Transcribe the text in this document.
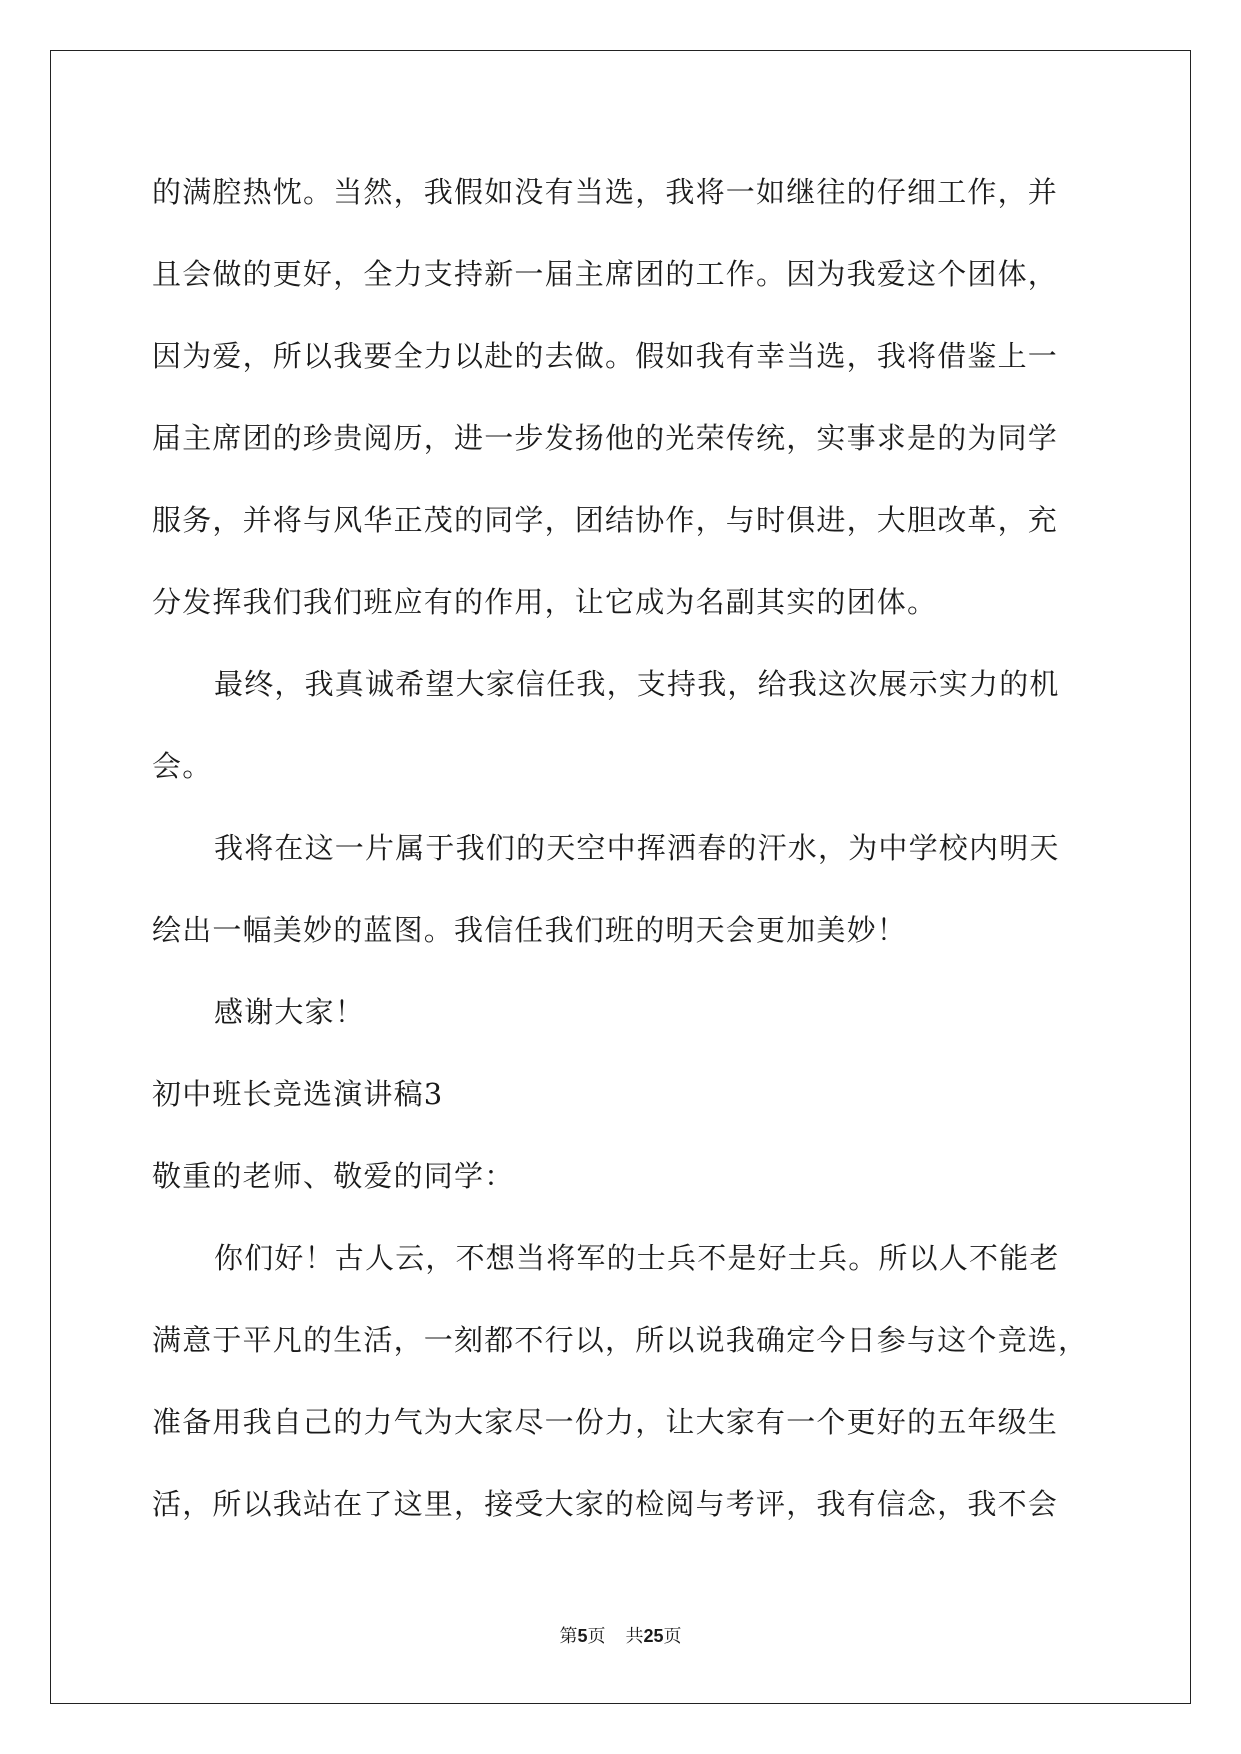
的满腔热忱。当然，我假如没有当选，我将一如继往的仔细工作，并
且会做的更好，全力支持新一届主席团的工作。因为我爱这个团体，
因为爱，所以我要全力以赴的去做。假如我有幸当选，我将借鉴上一
届主席团的珍贵阅历，进一步发扬他的光荣传统，实事求是的为同学
服务，并将与风华正茂的同学，团结协作，与时俱进，大胆改革，充
分发挥我们我们班应有的作用，让它成为名副其实的团体。
最终，我真诚希望大家信任我，支持我，给我这次展示实力的机
会。
我将在这一片属于我们的天空中挥洒春的汗水，为中学校内明天
绘出一幅美妙的蓝图。我信任我们班的明天会更加美妙！
感谢大家！
初中班长竞选演讲稿3
敬重的老师、敬爱的同学：
你们好！古人云，不想当将军的士兵不是好士兵。所以人不能老
满意于平凡的生活，一刻都不行以，所以说我确定今日参与这个竞选，
准备用我自己的力气为大家尽一份力，让大家有一个更好的五年级生
活，所以我站在了这里，接受大家的检阅与考评，我有信念，我不会
第5页 共25页
